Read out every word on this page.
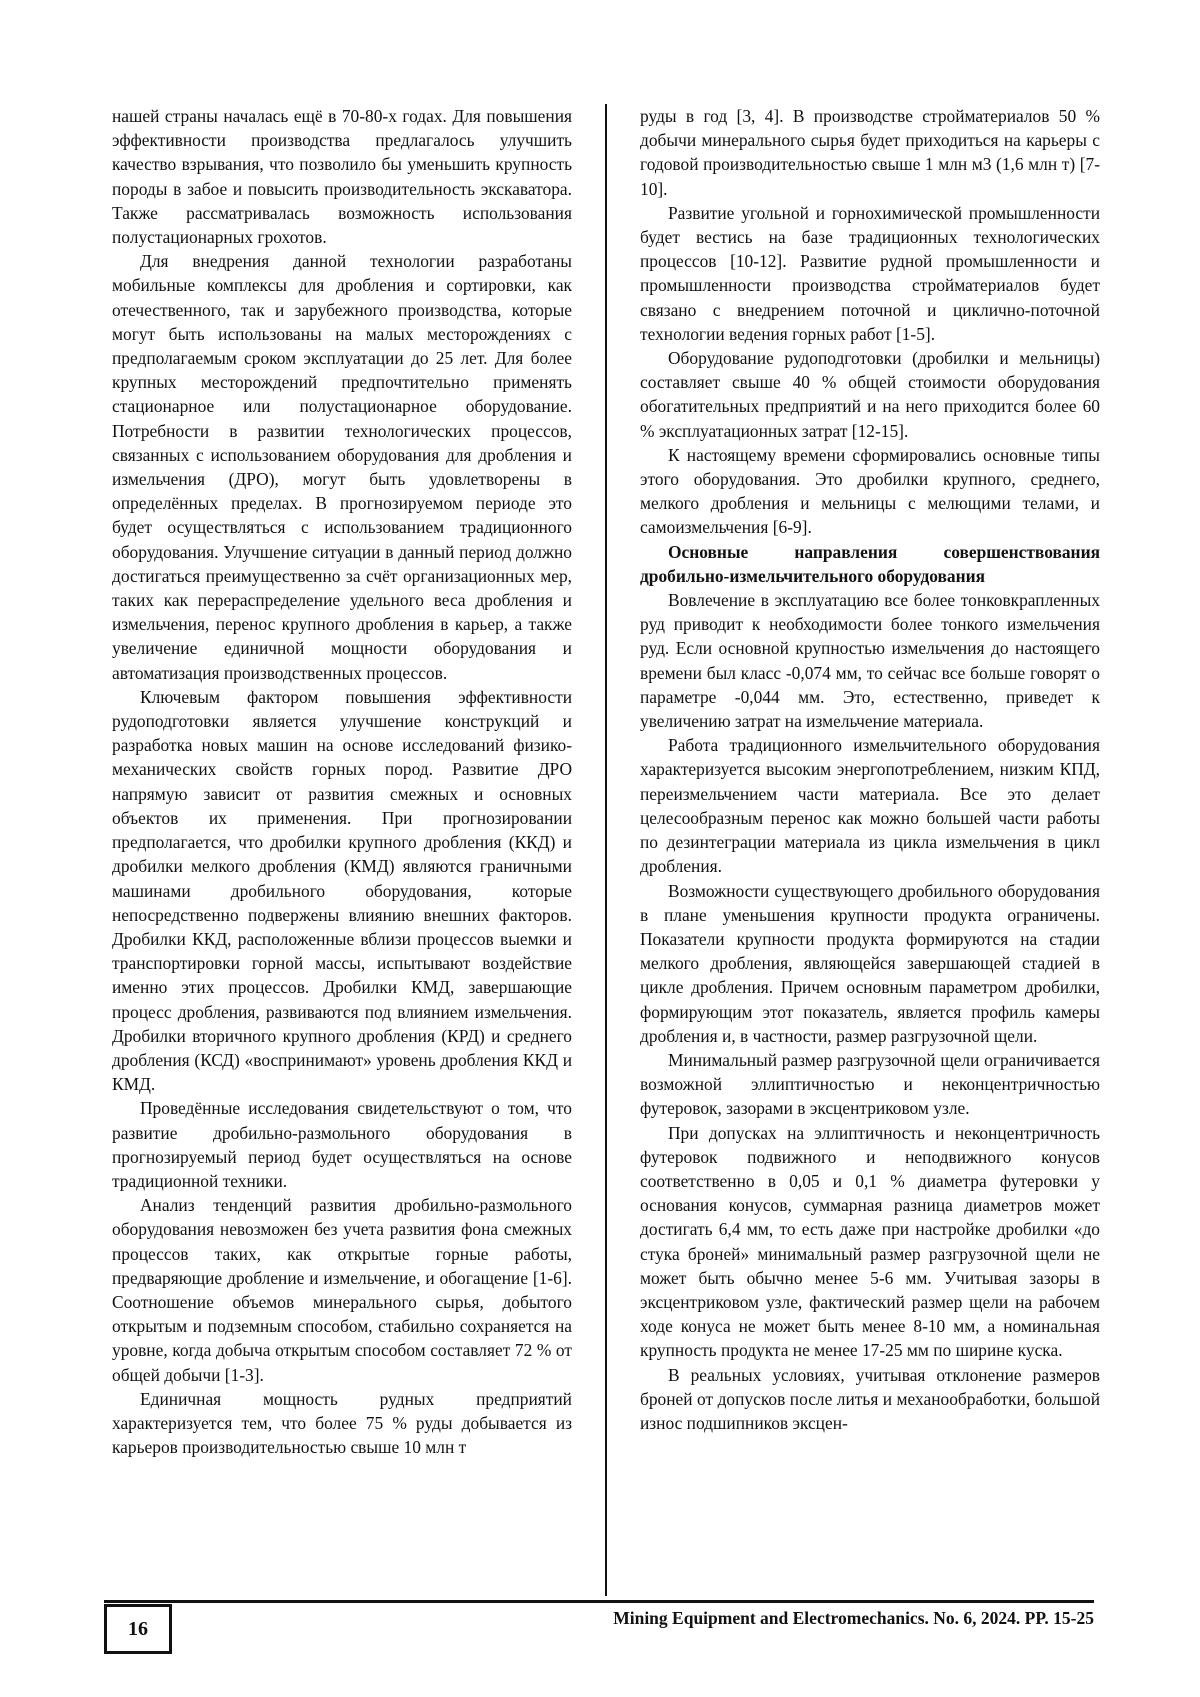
нашей страны началась ещё в 70-80-х годах. Для повышения эффективности производства предлагалось улучшить качество взрывания, что позволило бы уменьшить крупность породы в забое и повысить производительность экскаватора. Также рассматривалась возможность использования полустационарных грохотов.

Для внедрения данной технологии разработаны мобильные комплексы для дробления и сортировки, как отечественного, так и зарубежного производства, которые могут быть использованы на малых месторождениях с предполагаемым сроком эксплуатации до 25 лет. Для более крупных месторождений предпочтительно применять стационарное или полустационарное оборудование. Потребности в развитии технологических процессов, связанных с использованием оборудования для дробления и измельчения (ДРО), могут быть удовлетворены в определённых пределах. В прогнозируемом периоде это будет осуществляться с использованием традиционного оборудования. Улучшение ситуации в данный период должно достигаться преимущественно за счёт организационных мер, таких как перераспределение удельного веса дробления и измельчения, перенос крупного дробления в карьер, а также увеличение единичной мощности оборудования и автоматизация производственных процессов.

Ключевым фактором повышения эффективности рудоподготовки является улучшение конструкций и разработка новых машин на основе исследований физико-механических свойств горных пород. Развитие ДРО напрямую зависит от развития смежных и основных объектов их применения. При прогнозировании предполагается, что дробилки крупного дробления (ККД) и дробилки мелкого дробления (КМД) являются граничными машинами дробильного оборудования, которые непосредственно подвержены влиянию внешних факторов. Дробилки ККД, расположенные вблизи процессов выемки и транспортировки горной массы, испытывают воздействие именно этих процессов. Дробилки КМД, завершающие процесс дробления, развиваются под влиянием измельчения. Дробилки вторичного крупного дробления (КРД) и среднего дробления (КСД) «воспринимают» уровень дробления ККД и КМД.

Проведённые исследования свидетельствуют о том, что развитие дробильно-размольного оборудования в прогнозируемый период будет осуществляться на основе традиционной техники.

Анализ тенденций развития дробильно-размольного оборудования невозможен без учета развития фона смежных процессов таких, как открытые горные работы, предваряющие дробление и измельчение, и обогащение [1-6]. Соотношение объемов минерального сырья, добытого открытым и подземным способом, стабильно сохраняется на уровне, когда добыча открытым способом составляет 72 % от общей добычи [1-3].

Единичная мощность рудных предприятий характеризуется тем, что более 75 % руды добывается из карьеров производительностью свыше 10 млн т

руды в год [3, 4]. В производстве стройматериалов 50 % добычи минерального сырья будет приходиться на карьеры с годовой производительностью свыше 1 млн м3 (1,6 млн т) [7-10].

Развитие угольной и горнохимической промышленности будет вестись на базе традиционных технологических процессов [10-12]. Развитие рудной промышленности и промышленности производства стройматериалов будет связано с внедрением поточной и циклично-поточной технологии ведения горных работ [1-5].

Оборудование рудоподготовки (дробилки и мельницы) составляет свыше 40 % общей стоимости оборудования обогатительных предприятий и на него приходится более 60 % эксплуатационных затрат [12-15].

К настоящему времени сформировались основные типы этого оборудования. Это дробилки крупного, среднего, мелкого дробления и мельницы с мелющими телами, и самоизмельчения [6-9].

Основные направления совершенствования дробильно-измельчительного оборудования

Вовлечение в эксплуатацию все более тонковкрапленных руд приводит к необходимости более тонкого измельчения руд. Если основной крупностью измельчения до настоящего времени был класс -0,074 мм, то сейчас все больше говорят о параметре -0,044 мм. Это, естественно, приведет к увеличению затрат на измельчение материала.

Работа традиционного измельчительного оборудования характеризуется высоким энергопотреблением, низким КПД, переизмельчением части материала. Все это делает целесообразным перенос как можно большей части работы по дезинтеграции материала из цикла измельчения в цикл дробления.

Возможности существующего дробильного оборудования в плане уменьшения крупности продукта ограничены. Показатели крупности продукта формируются на стадии мелкого дробления, являющейся завершающей стадией в цикле дробления. Причем основным параметром дробилки, формирующим этот показатель, является профиль камеры дробления и, в частности, размер разгрузочной щели.

Минимальный размер разгрузочной щели ограничивается возможной эллиптичностью и неконцентричностью футеровок, зазорами в эксцентриковом узле.

При допусках на эллиптичность и неконцентричность футеровок подвижного и неподвижного конусов соответственно в 0,05 и 0,1 % диаметра футеровки у основания конусов, суммарная разница диаметров может достигать 6,4 мм, то есть даже при настройке дробилки «до стука броней» минимальный размер разгрузочной щели не может быть обычно менее 5-6 мм. Учитывая зазоры в эксцентриковом узле, фактический размер щели на рабочем ходе конуса не может быть менее 8-10 мм, а номинальная крупность продукта не менее 17-25 мм по ширине куска.

В реальных условиях, учитывая отклонение размеров броней от допусков после литья и механообработки, большой износ подшипников эксцен-

16	Mining Equipment and Electromechanics. No. 6, 2024. PP. 15-25
